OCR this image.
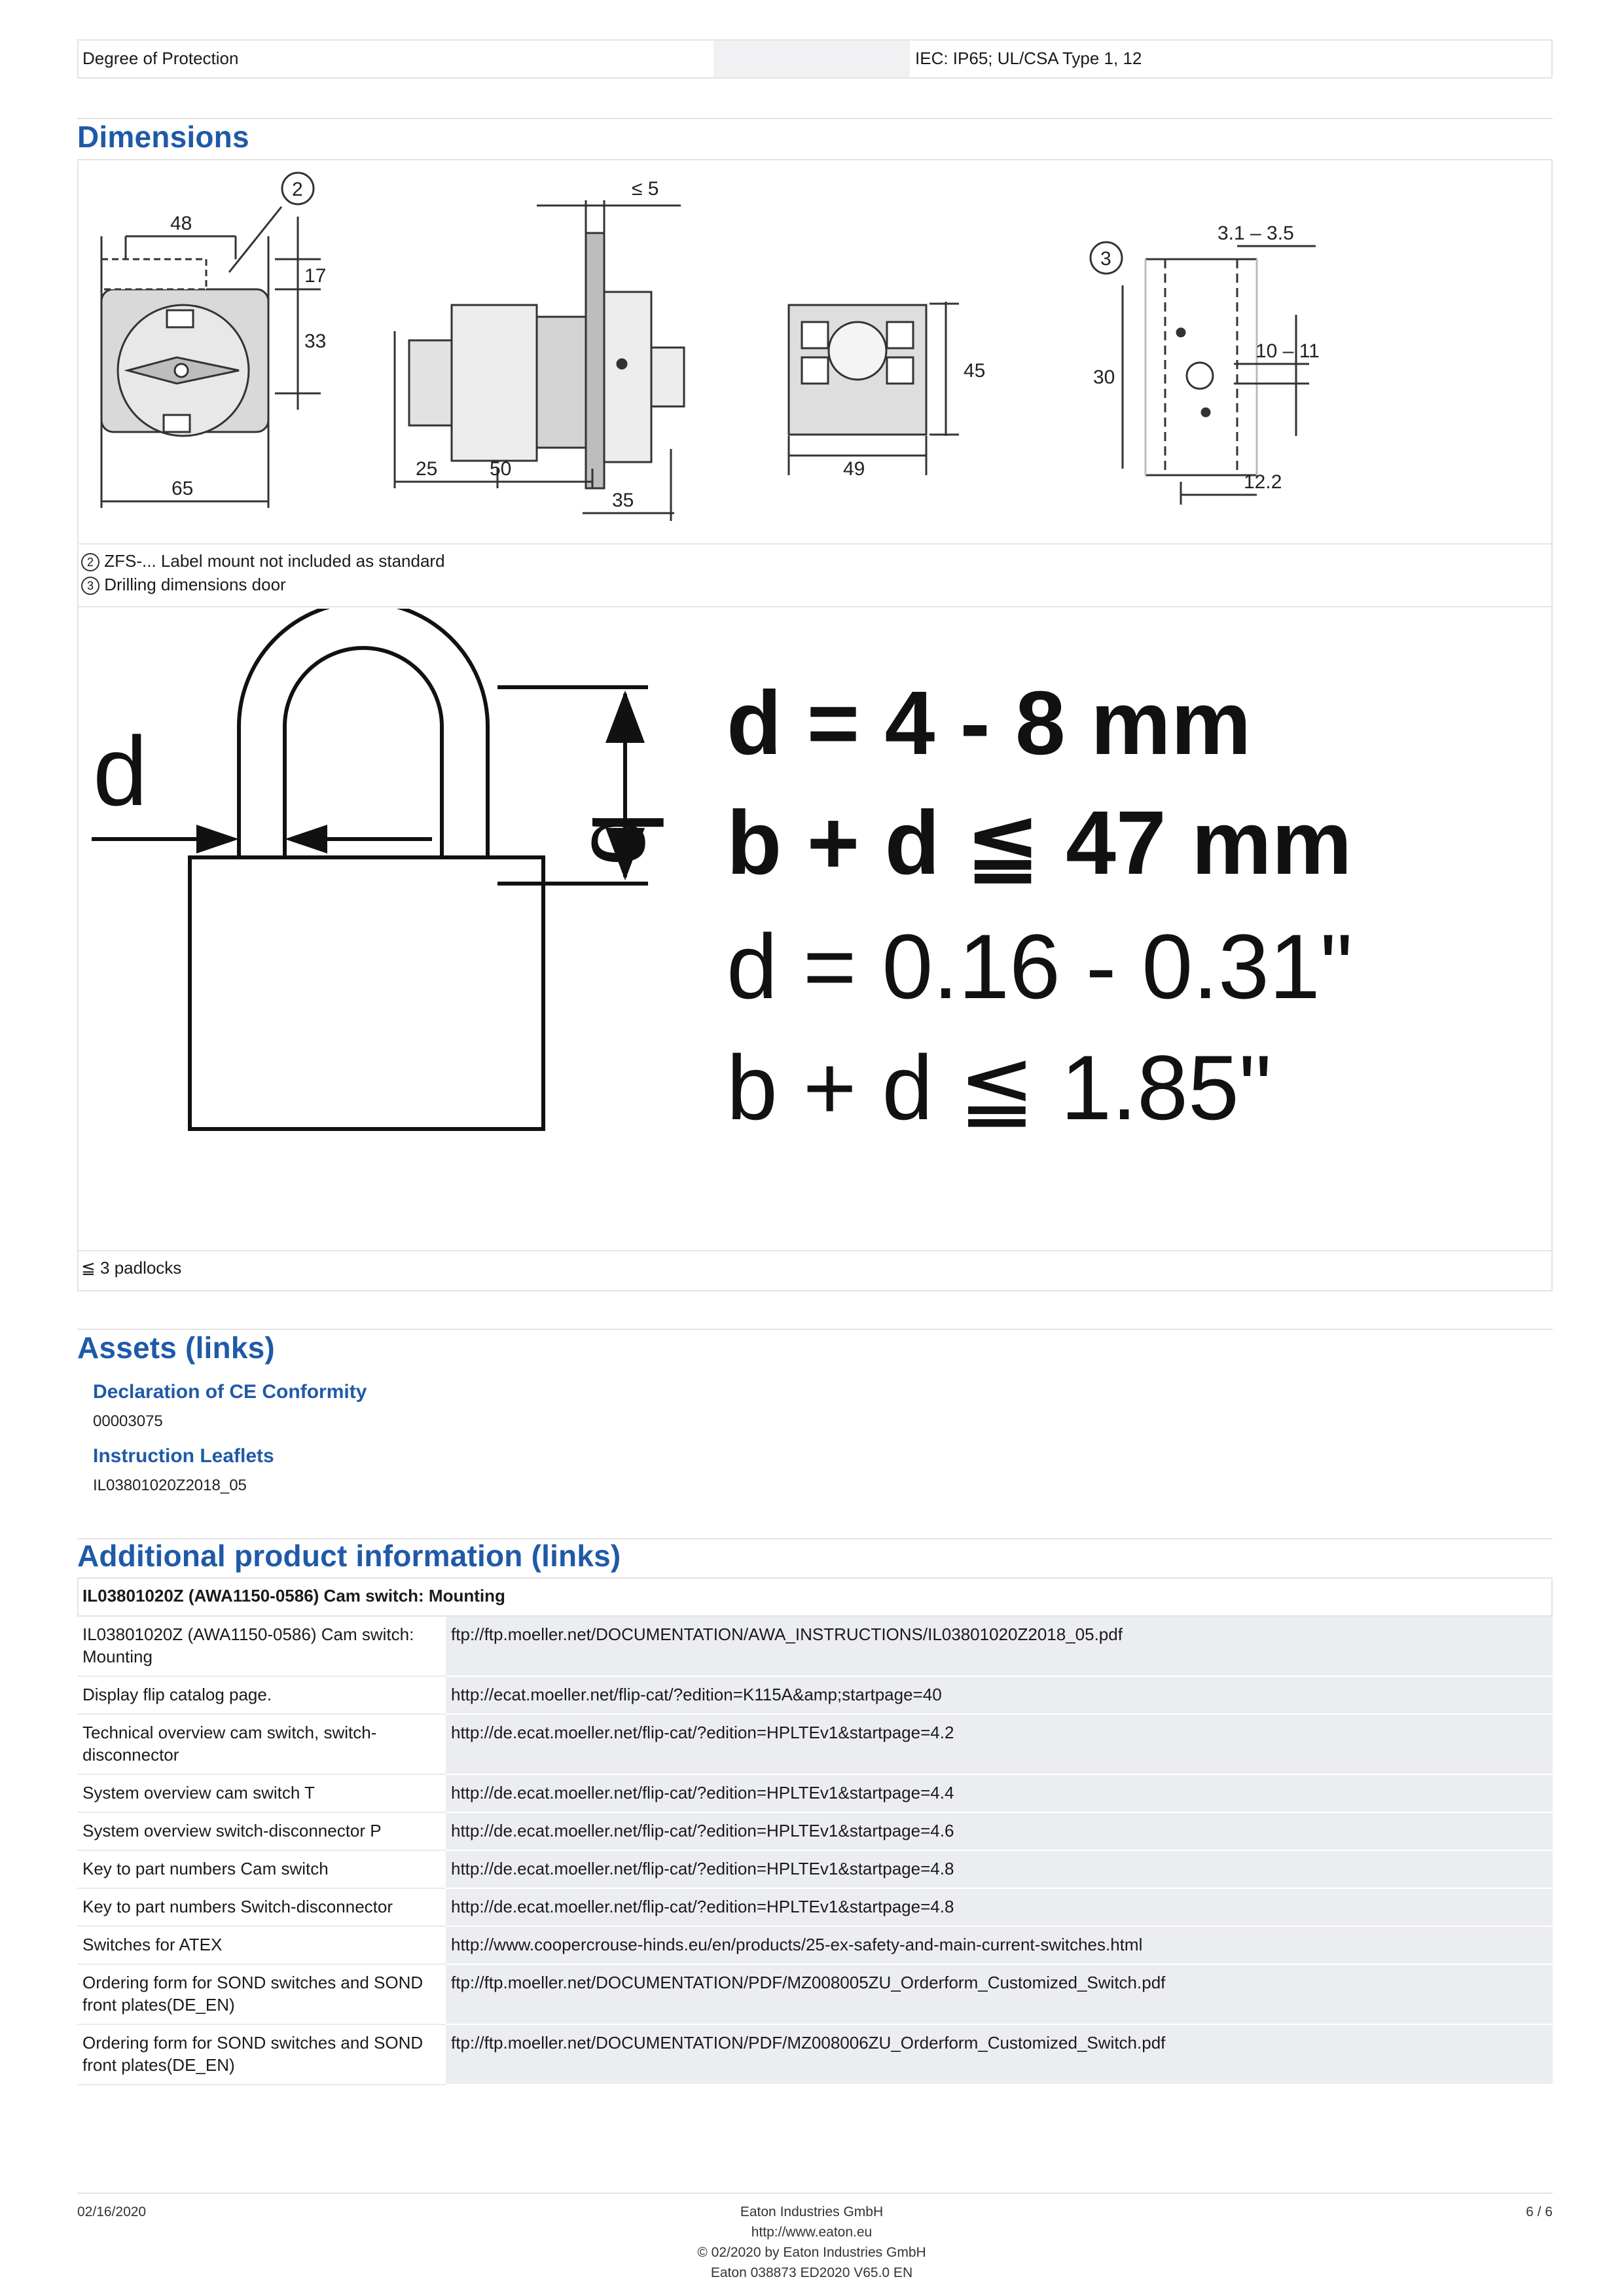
Degree of Protection	IEC: IP65; UL/CSA Type 1, 12
Dimensions
48
65
17
33
2
25	50
35
≤ 5
49
45
3
3.1 – 3.5
30
10 – 11
12.2
2 ZFS-... Label mount not included as standard
3 Drilling dimensions door
d
b
d = 4 - 8 mm
b + d ≦ 47 mm
d = 0.16 - 0.31"
b + d ≦ 1.85"
≦ 3 padlocks
Assets (links)
Declaration of CE Conformity
00003075
Instruction Leaflets
IL03801020Z2018_05
Additional product information (links)
IL03801020Z (AWA1150-0586) Cam switch: Mounting
IL03801020Z (AWA1150-0586) Cam switch: Mounting	ftp://ftp.moeller.net/DOCUMENTATION/AWA_INSTRUCTIONS/IL03801020Z2018_05.pdf
Display flip catalog page.	http://ecat.moeller.net/flip-cat/?edition=K115A&amp;startpage=40
Technical overview cam switch, switch-disconnector	http://de.ecat.moeller.net/flip-cat/?edition=HPLTEv1&startpage=4.2
System overview cam switch T	http://de.ecat.moeller.net/flip-cat/?edition=HPLTEv1&startpage=4.4
System overview switch-disconnector P	http://de.ecat.moeller.net/flip-cat/?edition=HPLTEv1&startpage=4.6
Key to part numbers Cam switch	http://de.ecat.moeller.net/flip-cat/?edition=HPLTEv1&startpage=4.8
Key to part numbers Switch-disconnector	http://de.ecat.moeller.net/flip-cat/?edition=HPLTEv1&startpage=4.8
Switches for ATEX	http://www.coopercrouse-hinds.eu/en/products/25-ex-safety-and-main-current-switches.html
Ordering form for SOND switches and SOND front plates(DE_EN)	ftp://ftp.moeller.net/DOCUMENTATION/PDF/MZ008005ZU_Orderform_Customized_Switch.pdf
Ordering form for SOND switches and SOND front plates(DE_EN)	ftp://ftp.moeller.net/DOCUMENTATION/PDF/MZ008006ZU_Orderform_Customized_Switch.pdf
02/16/2020	Eaton Industries GmbH
http://www.eaton.eu
© 02/2020 by Eaton Industries GmbH
Eaton 038873 ED2020 V65.0 EN
6 / 6
